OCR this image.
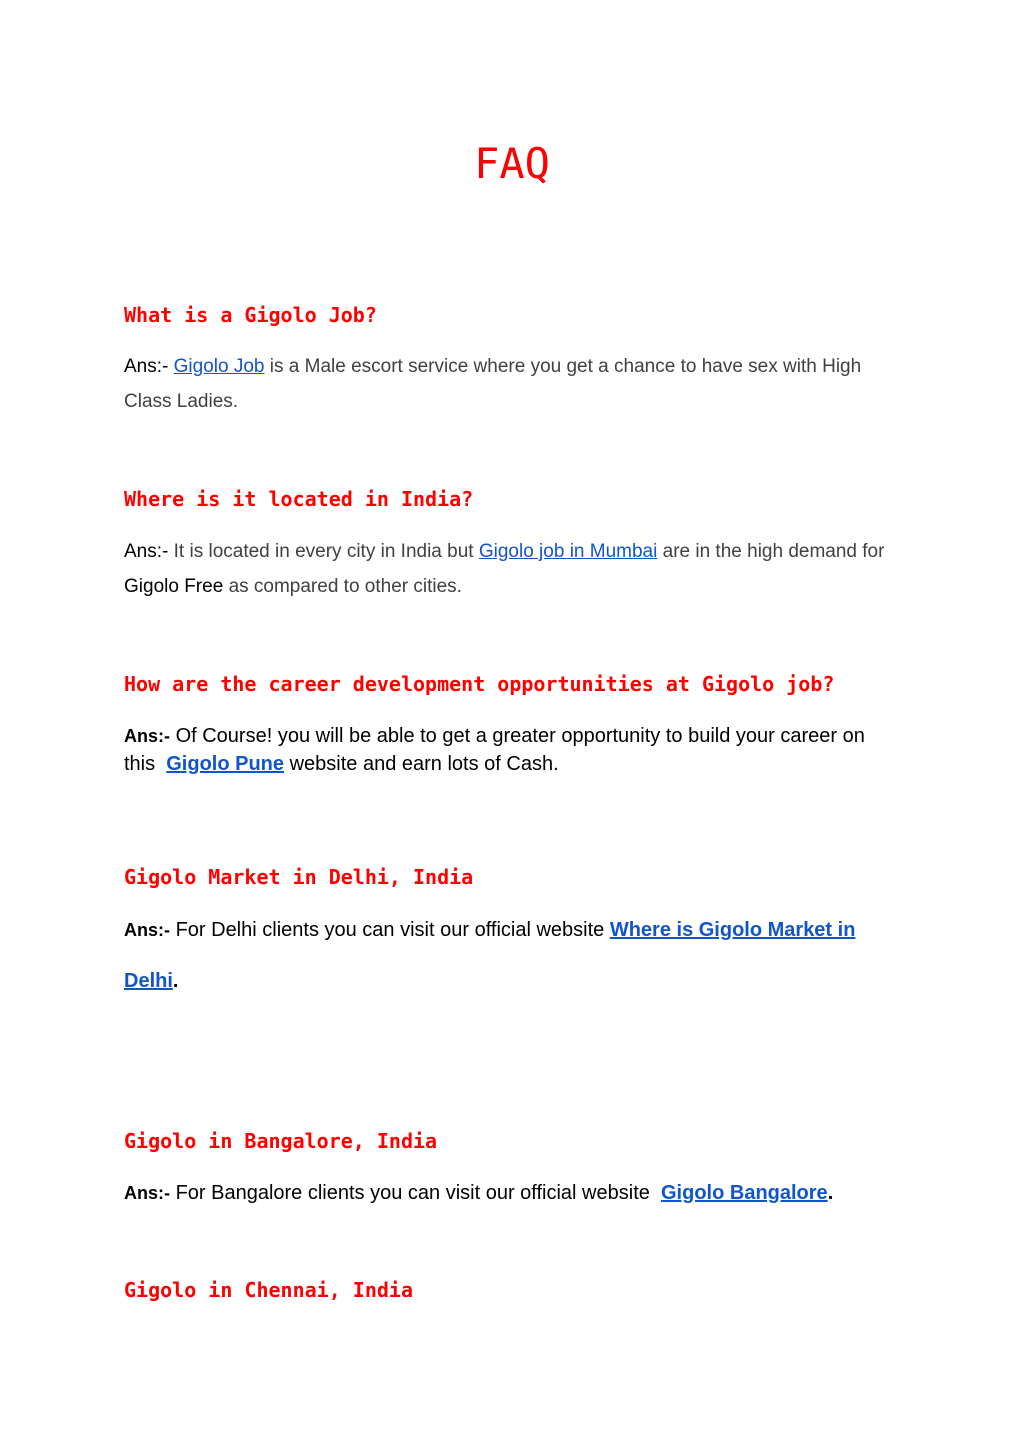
FAQ
What is a Gigolo Job?

Ans:- Gigolo Job is a Male escort service where you get a chance to have sex with High Class Ladies.

Where is it located in India?

Ans:- It is located in every city in India but Gigolo job in Mumbai are in the high demand for Gigolo Free as compared to other cities.

How are the career development opportunities at Gigolo job?

Ans:- Of Course! you will be able to get a greater opportunity to build your career on this Gigolo Pune website and earn lots of Cash.

Gigolo Market in Delhi, India

Ans:- For Delhi clients you can visit our official website Where is Gigolo Market in

Delhi.

Gigolo in Bangalore, India

Ans:- For Bangalore clients you can visit our official website Gigolo Bangalore.

Gigolo in Chennai, India
